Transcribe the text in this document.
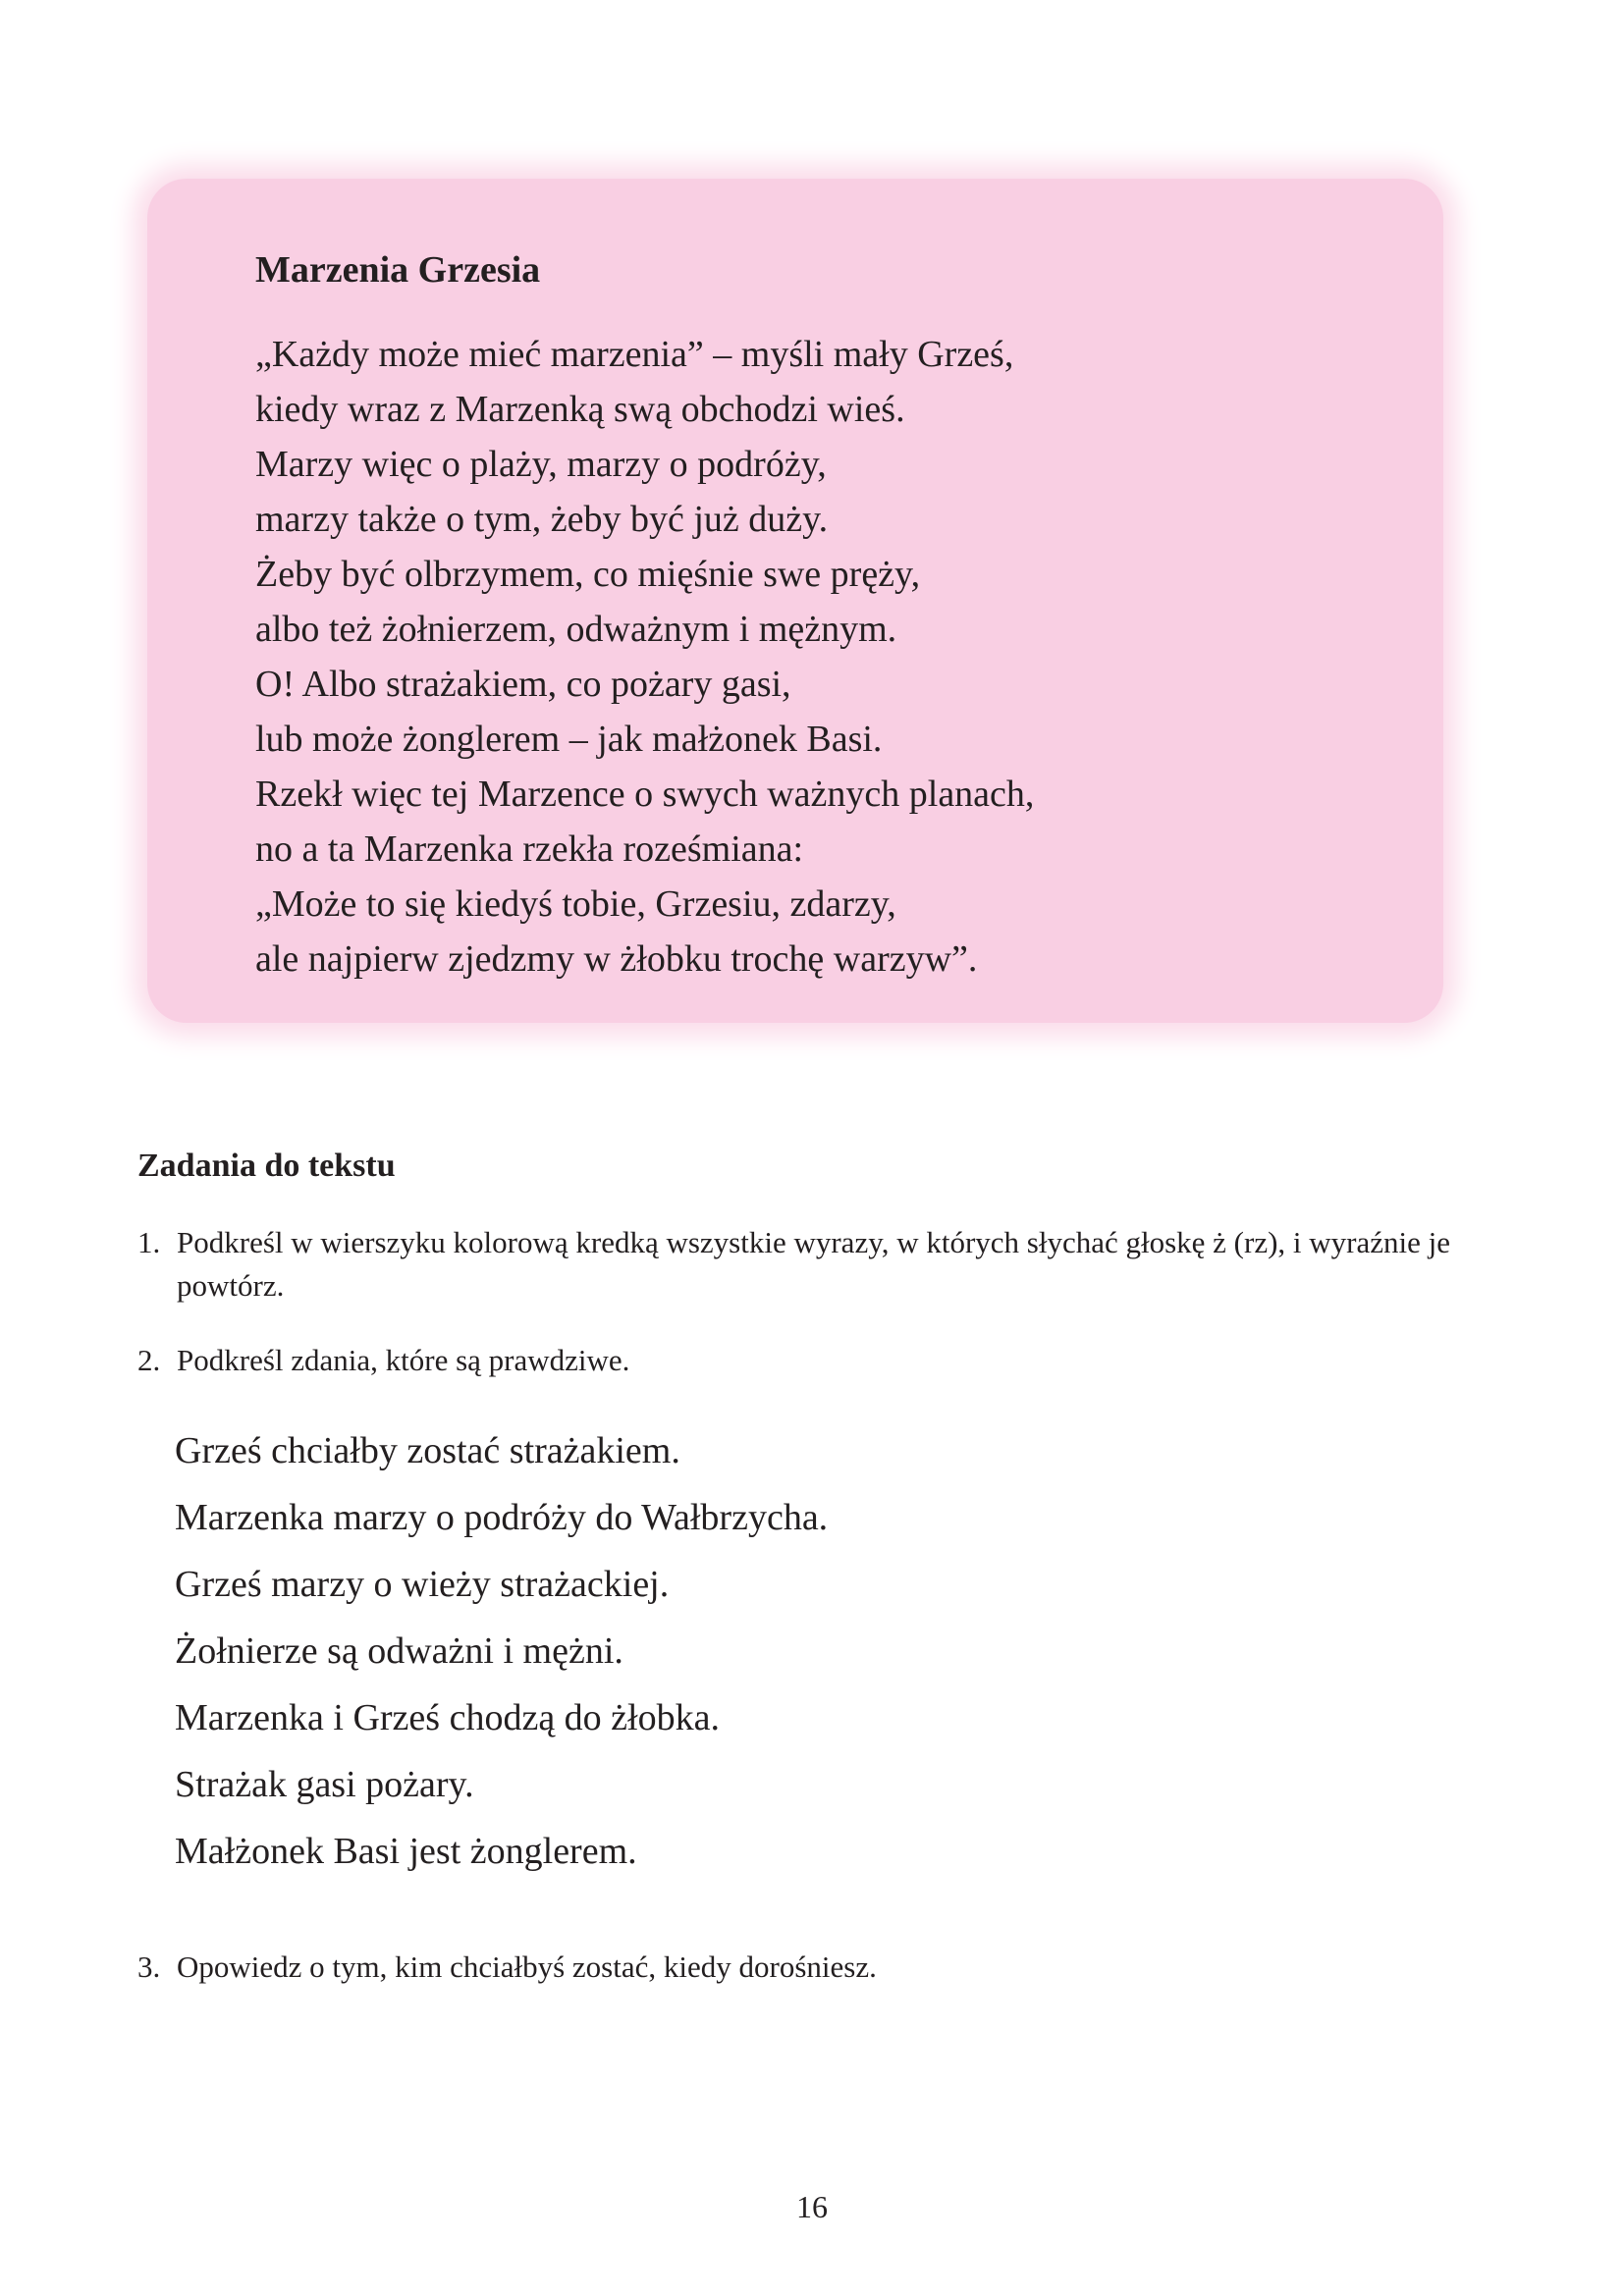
Marzenia Grzesia
„Każdy może mieć marzenia” – myśli mały Grześ,
kiedy wraz z Marzenką swą obchodzi wieś.
Marzy więc o plaży, marzy o podróży,
marzy także o tym, żeby być już duży.
Żeby być olbrzymem, co mięśnie swe pręży,
albo też żołnierzem, odważnym i mężnym.
O! Albo strażakiem, co pożary gasi,
lub może żonglerem – jak małżonek Basi.
Rzekł więc tej Marzence o swych ważnych planach,
no a ta Marzenka rzekła roześmiana:
„Może to się kiedyś tobie, Grzesiu, zdarzy,
ale najpierw zjedzmy w żłobku trochę warzyw”.
Zadania do tekstu
1. Podkreśl w wierszyku kolorową kredką wszystkie wyrazy, w których słychać głoskę ż (rz), i wyraźnie je powtórz.
2. Podkreśl zdania, które są prawdziwe.
Grześ chciałby zostać strażakiem.
Marzenka marzy o podróży do Wałbrzycha.
Grześ marzy o wieży strażackiej.
Żołnierze są odważni i mężni.
Marzenka i Grześ chodzą do żłobka.
Strażak gasi pożary.
Małżonek Basi jest żonglerem.
3. Opowiedz o tym, kim chciałbyś zostać, kiedy dorośniesz.
16
